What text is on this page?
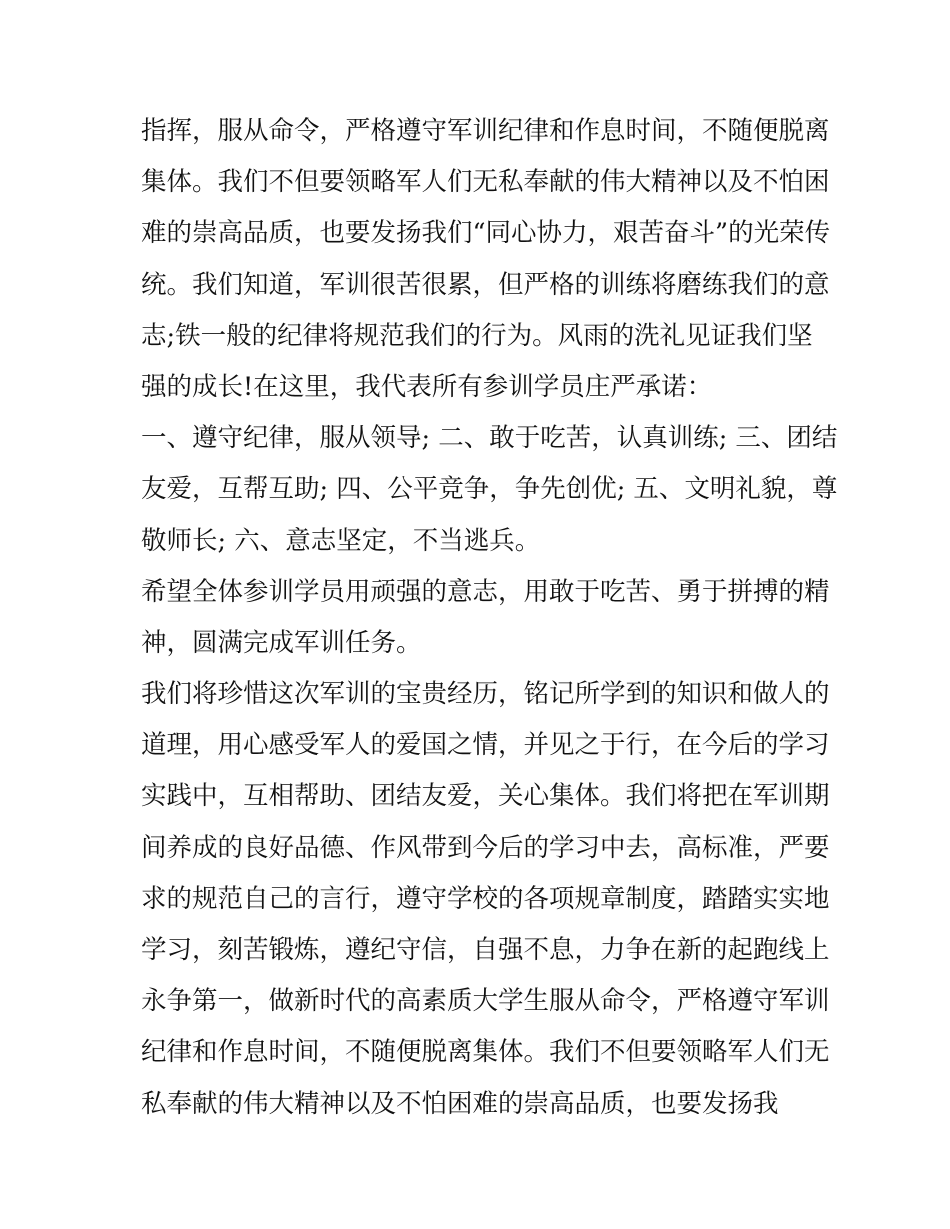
指挥，服从命令，严格遵守军训纪律和作息时间，不随便脱离
集体。我们不但要领略军人们无私奉献的伟大精神以及不怕困
难的崇高品质，也要发扬我们“同心协力，艰苦奋斗”的光荣传
统。我们知道，军训很苦很累，但严格的训练将磨练我们的意
志;铁一般的纪律将规范我们的行为。风雨的洗礼见证我们坚
强的成长!在这里，我代表所有参训学员庄严承诺：
一、遵守纪律，服从领导; 二、敢于吃苦，认真训练; 三、团结
友爱，互帮互助; 四、公平竞争，争先创优; 五、文明礼貌，尊
敬师长; 六、意志坚定，不当逃兵。
希望全体参训学员用顽强的意志，用敢于吃苦、勇于拼搏的精
神，圆满完成军训任务。
我们将珍惜这次军训的宝贵经历，铭记所学到的知识和做人的
道理，用心感受军人的爱国之情，并见之于行，在今后的学习
实践中，互相帮助、团结友爱，关心集体。我们将把在军训期
间养成的良好品德、作风带到今后的学习中去，高标准，严要
求的规范自己的言行，遵守学校的各项规章制度，踏踏实实地
学习，刻苦锻炼，遵纪守信，自强不息，力争在新的起跑线上
永争第一，做新时代的高素质大学生服从命令，严格遵守军训
纪律和作息时间，不随便脱离集体。我们不但要领略军人们无
私奉献的伟大精神以及不怕困难的崇高品质，也要发扬我
